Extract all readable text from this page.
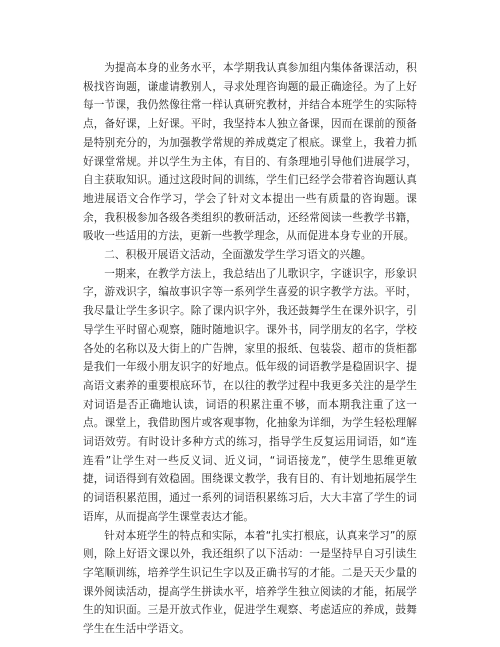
为提高本身的业务水平，本学期我认真参加组内集体备课活动，积极找咨询题，谦虚请教别人，寻求处理咨询题的最正确途径。为了上好每一节课，我仍然像往常一样认真研究教材，并结合本班学生的实际特点，备好课，上好课。平时，我坚持本人独立备课，因而在课前的预备是特别充分的，为加强教学常规的养成奠定了根底。课堂上，我着力抓好课堂常规。并以学生为主体，有目的、有条理地引导他们进展学习，自主获取知识。通过这段时间的训练，学生们已经学会带着咨询题认真地进展语文合作学习，学会了针对文本提出一些有质量的咨询题。课余，我积极参加各级各类组织的教研活动，还经常阅读一些教学书籍，吸收一些适用的方法，更新一些教学理念，从而促进本身专业的开展。

二、积极开展语文活动，全面激发学生学习语文的兴趣。

一期来，在教学方法上，我总结出了儿歌识字，字谜识字，形象识字，游戏识字，编故事识字等一系列学生喜爱的识字教学方法。平时，我尽量让学生多识字。除了课内识字外，我还鼓舞学生在课外识字，引导学生平时留心观察，随时随地识字。课外书，同学朋友的名字，学校各处的名称以及大街上的广告牌，家里的报纸、包装袋、超市的货柜都是我们一年级小朋友识字的好地点。低年级的词语教学是稳固识字、提高语文素养的重要根底环节，在以往的教学过程中我更多关注的是学生对词语是否正确地认读，词语的积累注重不够，而本期我注重了这一点。课堂上，我借助图片或客观事物，化抽象为详细，为学生轻松理解词语效劳。有时设计多种方式的练习，指导学生反复运用词语，如“连连看”让学生对一些反义词、近义词，“词语接龙”，使学生思维更敏捷，词语得到有效稳固。围绕课文教学，我有目的、有计划地拓展学生的词语积累范围，通过一系列的词语积累练习后，大大丰富了学生的词语库，从而提高学生课堂表达才能。

针对本班学生的特点和实际，本着“扎实打根底，认真来学习”的原则，除上好语文课以外，我还组织了以下活动：一是坚持早自习引读生字笔顺训练，培养学生识记生字以及正确书写的才能。二是天天少量的课外阅读活动，提高学生拼读水平，培养学生独立阅读的才能，拓展学生的知识面。三是开放式作业，促进学生观察、考虑适应的养成，鼓舞学生在生活中学语文。
